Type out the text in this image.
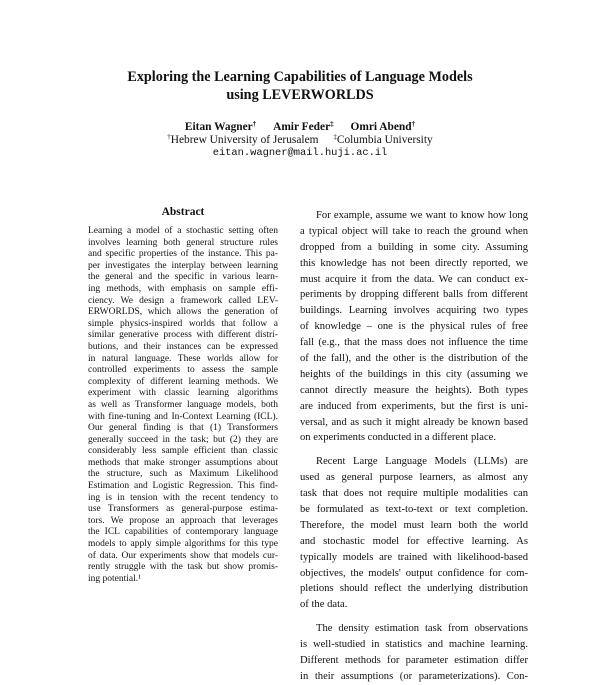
Exploring the Learning Capabilities of Language Models
using LEVERWORLDS
Eitan Wagner† Amir Feder‡ Omri Abend†
†Hebrew University of Jerusalem ‡Columbia University
eitan.wagner@mail.huji.ac.il
Abstract
Learning a model of a stochastic setting often
involves learning both general structure rules
and specific properties of the instance. This pa-
per investigates the interplay between learning
the general and the specific in various learn-
ing methods, with emphasis on sample effi-
ciency. We design a framework called LEV-
ERWORLDS, which allows the generation of
simple physics-inspired worlds that follow a
similar generative process with different distri-
butions, and their instances can be expressed
in natural language. These worlds allow for
controlled experiments to assess the sample
complexity of different learning methods. We
experiment with classic learning algorithms
as well as Transformer language models, both
with fine-tuning and In-Context Learning (ICL).
Our general finding is that (1) Transformers
generally succeed in the task; but (2) they are
considerably less sample efficient than classic
methods that make stronger assumptions about
the structure, such as Maximum Likelihood
Estimation and Logistic Regression. This find-
ing is in tension with the recent tendency to
use Transformers as general-purpose estima-
tors. We propose an approach that leverages
the ICL capabilities of contemporary language
models to apply simple algorithms for this type
of data. Our experiments show that models cur-
rently struggle with the task but show promis-
ing potential.¹
For example, assume we want to know how long
a typical object will take to reach the ground when
dropped from a building in some city. Assuming
this knowledge has not been directly reported, we
must acquire it from the data. We can conduct ex-
periments by dropping different balls from different
buildings. Learning involves acquiring two types
of knowledge – one is the physical rules of free
fall (e.g., that the mass does not influence the time
of the fall), and the other is the distribution of the
heights of the buildings in this city (assuming we
cannot directly measure the heights). Both types
are induced from experiments, but the first is uni-
versal, and as such it might already be known based
on experiments conducted in a different place.
Recent Large Language Models (LLMs) are
used as general purpose learners, as almost any
task that does not require multiple modalities can
be formulated as text-to-text or text completion.
Therefore, the model must learn both the world
and stochastic model for effective learning. As
typically models are trained with likelihood-based
objectives, the models' output confidence for com-
pletions should reflect the underlying distribution
of the data.
The density estimation task from observations
is well-studied in statistics and machine learning.
Different methods for parameter estimation differ
in their assumptions (or parameterizations). Con-
